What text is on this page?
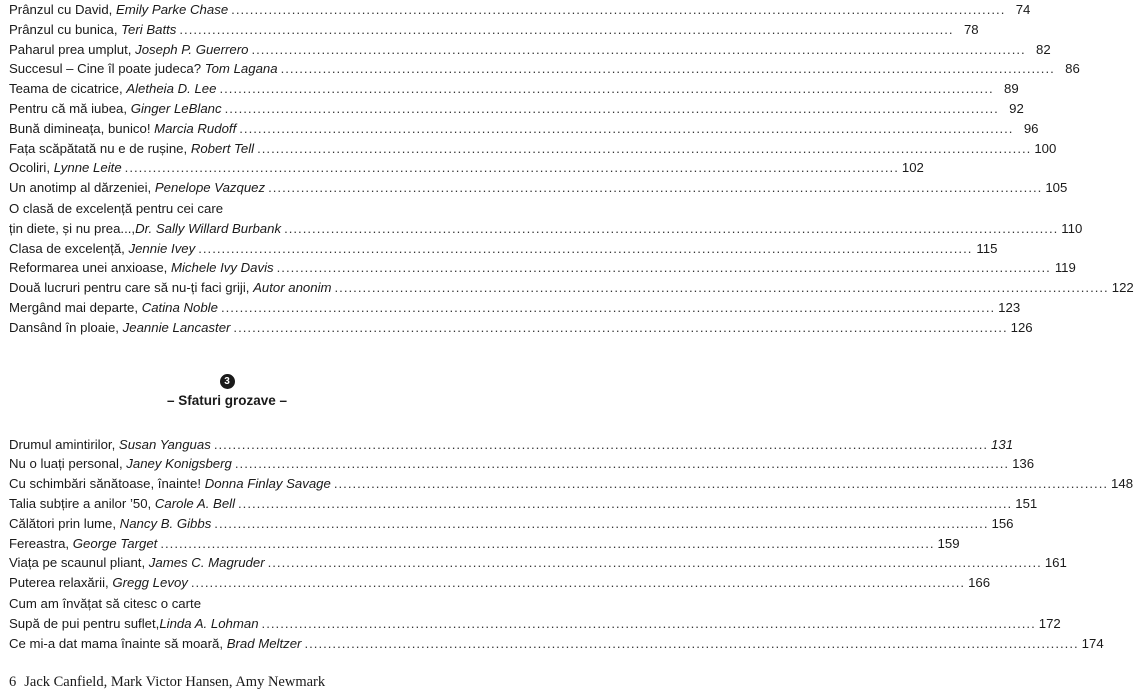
Prânzul cu David, Emily Parke Chase .....	74
Prânzul cu bunica, Teri Batts .....	78
Paharul prea umplut, Joseph P. Guerrero .....	82
Succesul – Cine îl poate judeca? Tom Lagana .....	86
Teama de cicatrice, Aletheia D. Lee .....	89
Pentru că mă iubea, Ginger LeBlanc .....	92
Bună dimineața, bunico! Marcia Rudoff .....	96
Fața scăpătată nu e de rușine, Robert Tell .....	100
Ocoliri, Lynne Leite .....	102
Un anotimp al dărzeniei, Penelope Vazquez .....	105
O clasă de excelență pentru cei care
țin diete, și nu prea..., Dr. Sally Willard Burbank .....	110
Clasa de excelență, Jennie Ivey .....	115
Reformarea unei anxioase, Michele Ivy Davis .....	119
Două lucruri pentru care să nu-ți faci griji, Autor anonim .....	122
Mergând mai departe, Catina Noble .....	123
Dansând în ploaie, Jeannie Lancaster .....	126
3
– Sfaturi grozave –
Drumul amintirilor, Susan Yanguas .....	131
Nu o luați personal, Janey Konigsberg .....	136
Cu schimbări sănătoase, înainte! Donna Finlay Savage .....	148
Talia subțire a anilor ’50, Carole A. Bell .....	151
Călători prin lume, Nancy B. Gibbs .....	156
Fereastra, George Target .....	159
Viața pe scaunul pliant, James C. Magruder .....	161
Puterea relaxării, Gregg Levoy .....	166
Cum am învățat să citesc o carte
Supă de pui pentru suflet, Linda A. Lohman .....	172
Ce mi-a dat mama înainte să moară, Brad Meltzer .....	174
6 Jack Canfield, Mark Victor Hansen, Amy Newmark
